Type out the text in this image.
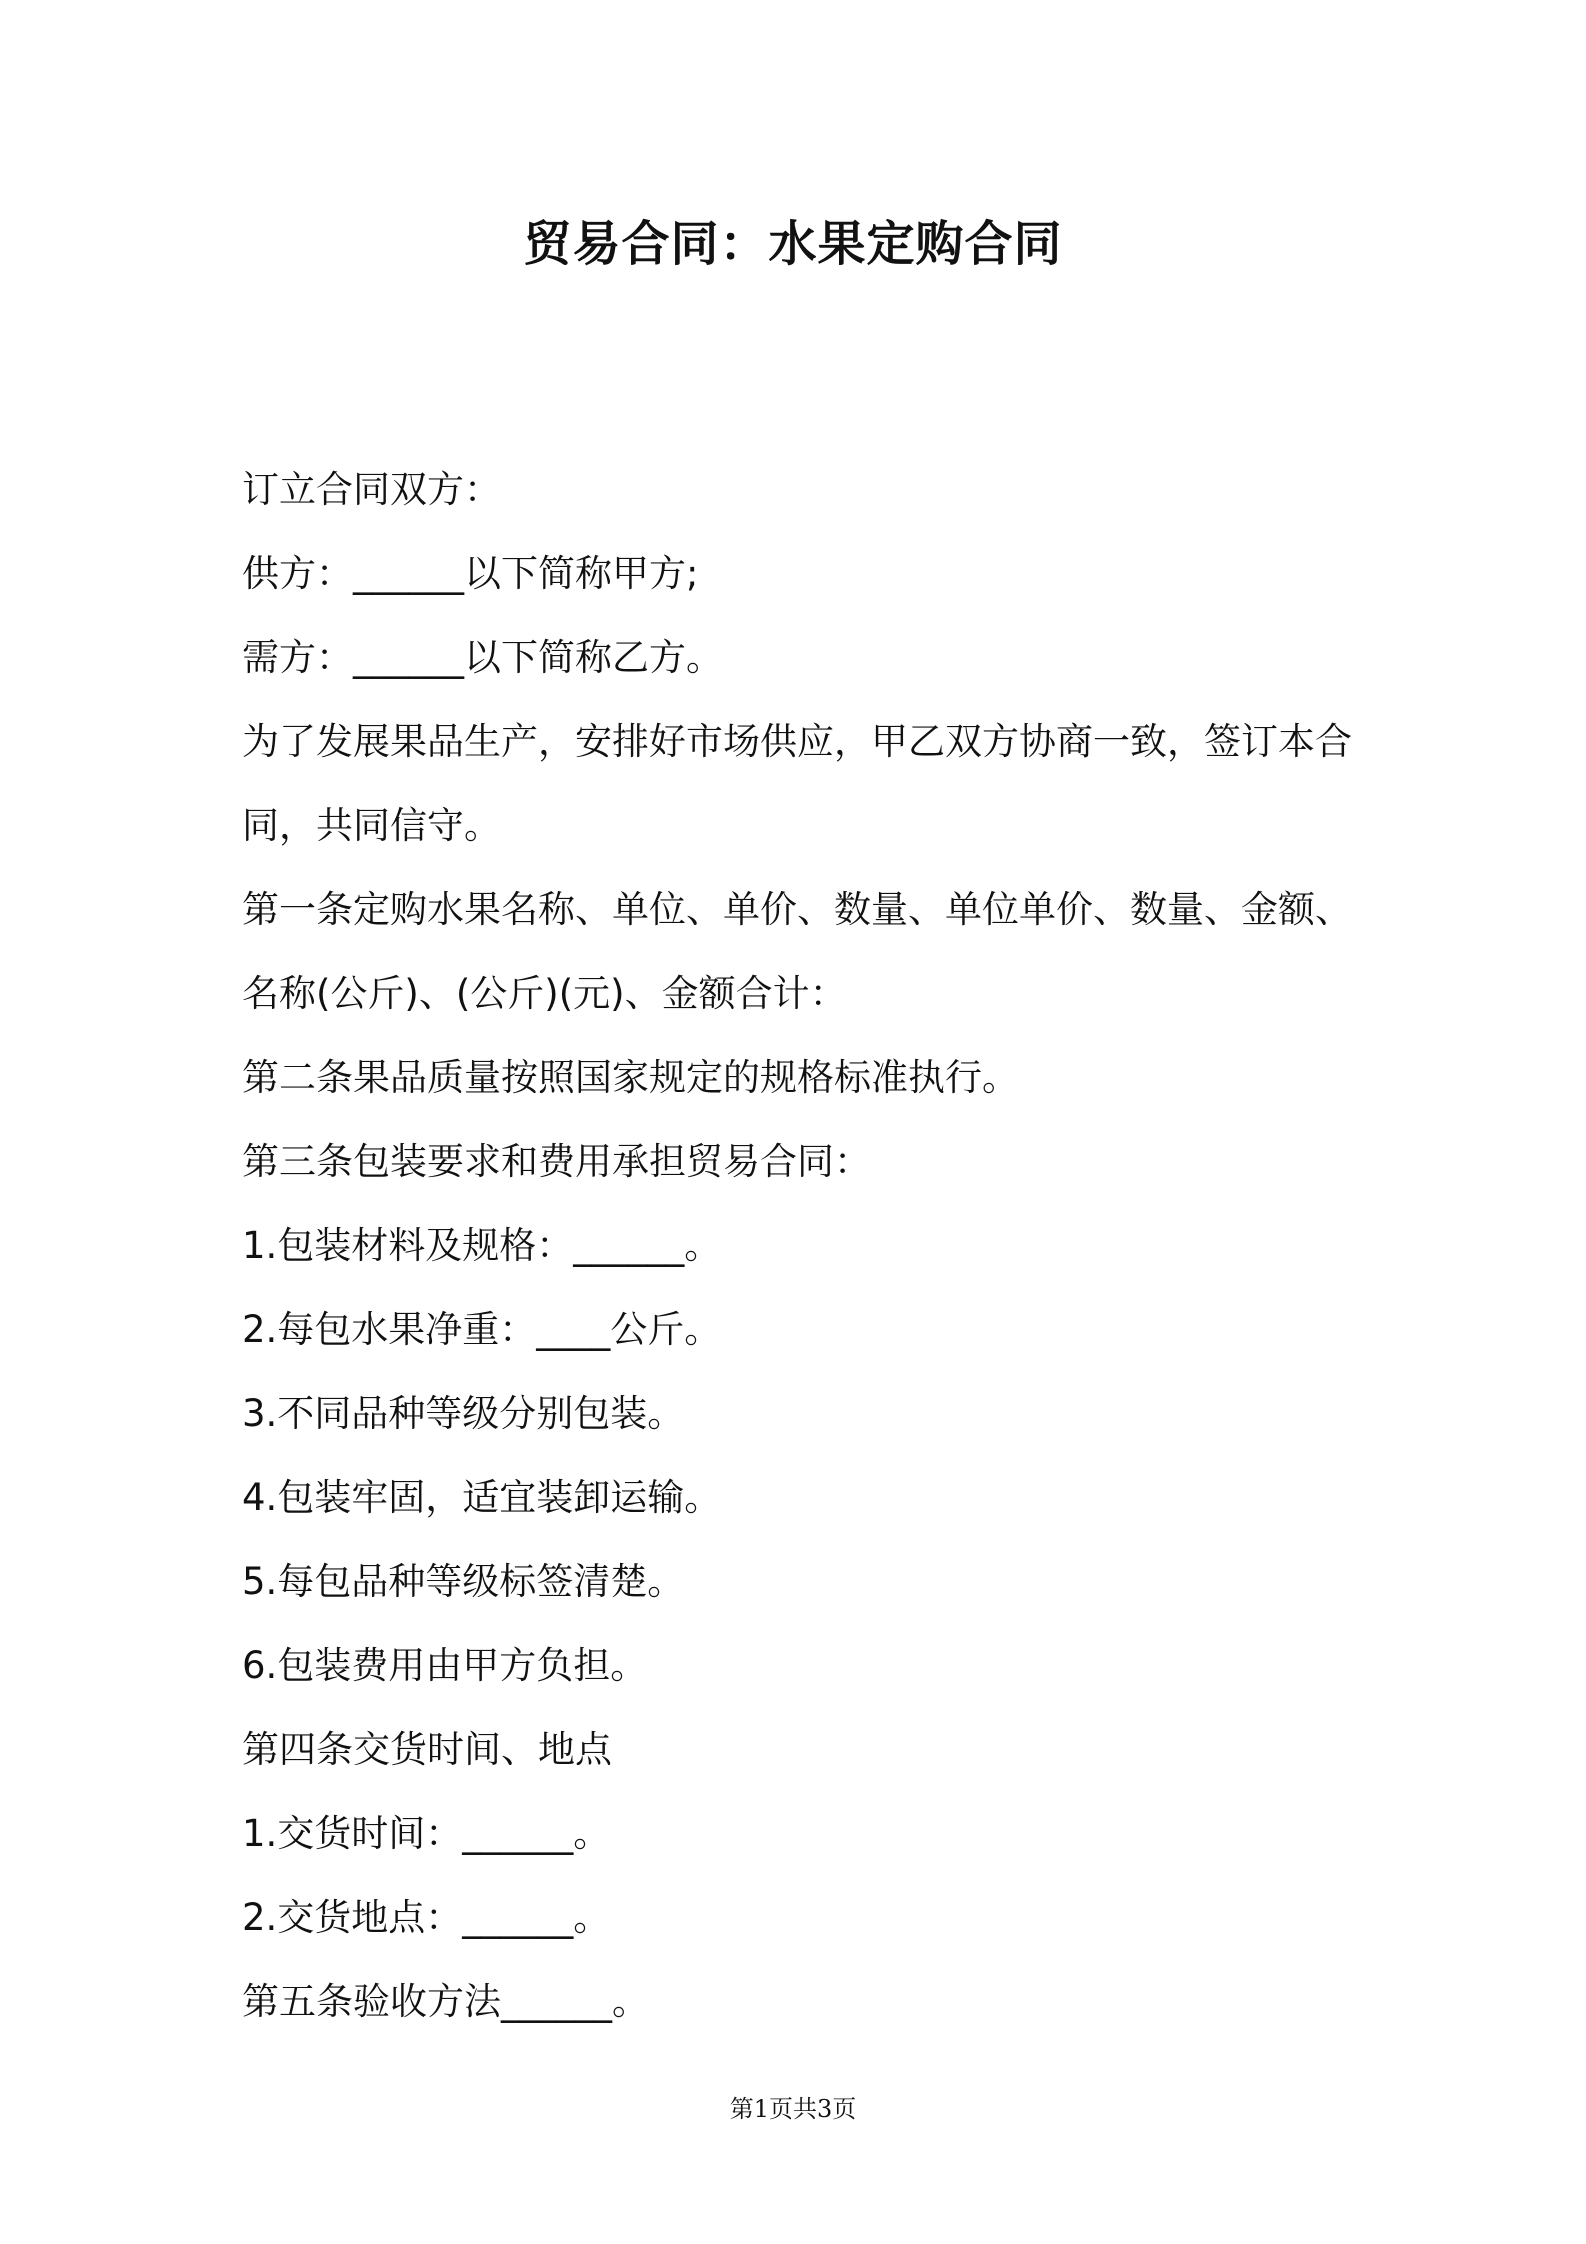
贸易合同：水果定购合同
订立合同双方：
供方：______以下简称甲方;
需方：______以下简称乙方。
为了发展果品生产，安排好市场供应，甲乙双方协商一致，签订本合
同，共同信守。
第一条定购水果名称、单位、单价、数量、单位单价、数量、金额、
名称(公斤)、(公斤)(元)、金额合计：
第二条果品质量按照国家规定的规格标准执行。
第三条包装要求和费用承担贸易合同：
1.包装材料及规格：______。
2.每包水果净重：____公斤。
3.不同品种等级分别包装。
4.包装牢固，适宜装卸运输。
5.每包品种等级标签清楚。
6.包装费用由甲方负担。
第四条交货时间、地点
1.交货时间：______。
2.交货地点：______。
第五条验收方法______。
第1页共3页
